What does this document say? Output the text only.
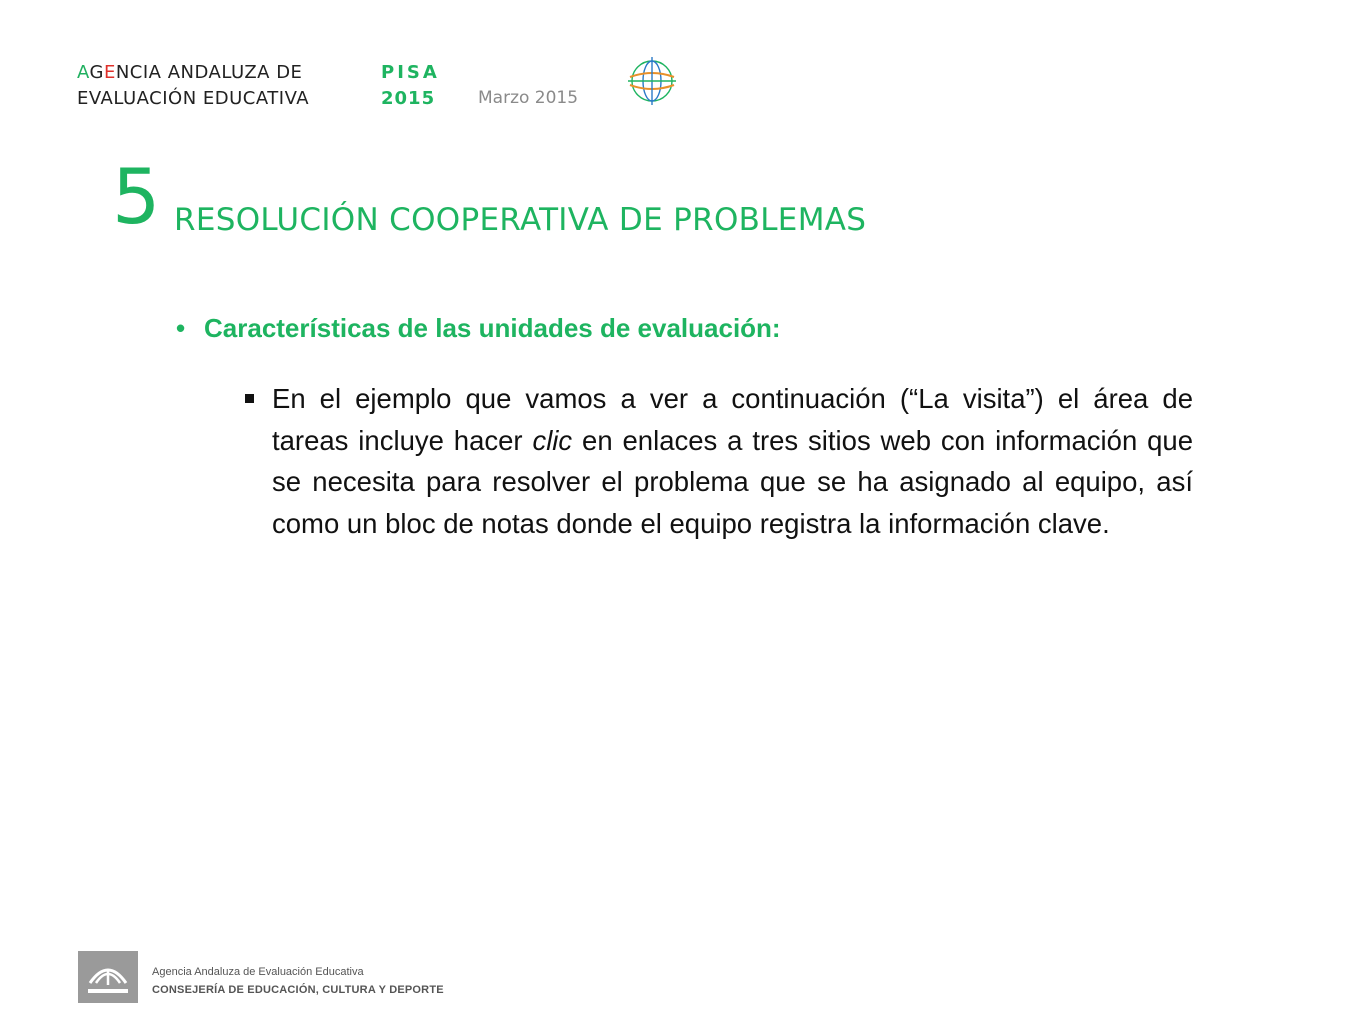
AGENCIA ANDALUZA DE
EVALUACIÓN EDUCATIVA
PISA
2015	Marzo 2015
5 RESOLUCIÓN COOPERATIVA DE PROBLEMAS
• Características de las unidades de evaluación:

En el ejemplo que vamos a ver a continuación (“La visita”) el área de tareas incluye hacer clic en enlaces a tres sitios web con información que se necesita para resolver el problema que se ha asignado al equipo, así como un bloc de notas donde el equipo registra la información clave.

Agencia Andaluza de Evaluación Educativa
CONSEJERÍA DE EDUCACIÓN, CULTURA Y DEPORTE
